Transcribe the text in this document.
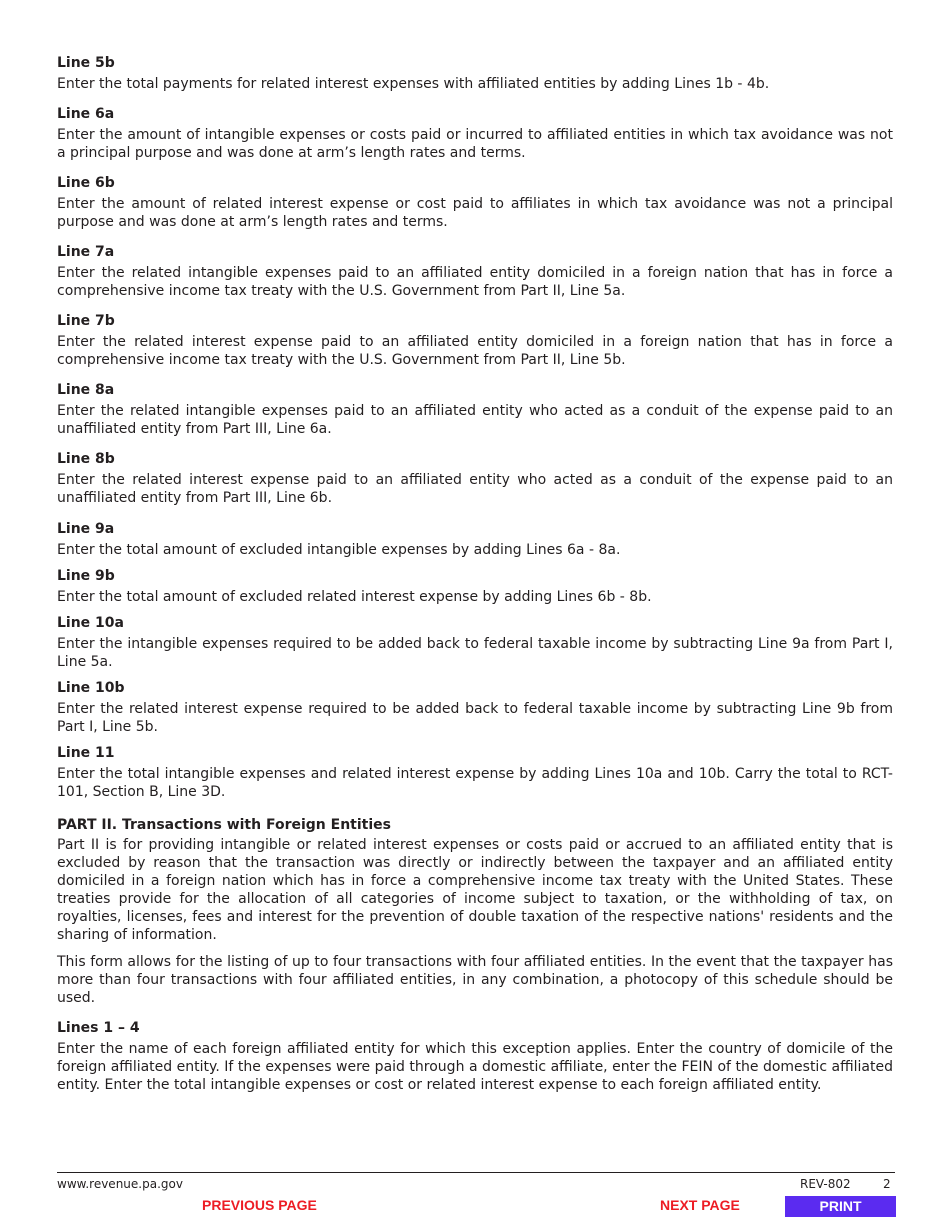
Line 5b

Enter the total payments for related interest expenses with affiliated entities by adding Lines 1b - 4b.

Line 6a

Enter the amount of intangible expenses or costs paid or incurred to affiliated entities in which tax avoidance was not a principal purpose and was done at arm’s length rates and terms.

Line 6b

Enter the amount of related interest expense or cost paid to affiliates in which tax avoidance was not a principal purpose and was done at arm’s length rates and terms.

Line 7a

Enter the related intangible expenses paid to an affiliated entity domiciled in a foreign nation that has in force a comprehensive income tax treaty with the U.S. Government from Part II, Line 5a.

Line 7b

Enter the related interest expense paid to an affiliated entity domiciled in a foreign nation that has in force a comprehensive income tax treaty with the U.S. Government from Part II, Line 5b.

Line 8a

Enter the related intangible expenses paid to an affiliated entity who acted as a conduit of the expense paid to an unaffiliated entity from Part III, Line 6a.

Line 8b

Enter the related interest expense paid to an affiliated entity who acted as a conduit of the expense paid to an unaffiliated entity from Part III, Line 6b.

Line 9a

Enter the total amount of excluded intangible expenses by adding Lines 6a - 8a.

Line 9b

Enter the total amount of excluded related interest expense by adding Lines 6b - 8b.

Line 10a

Enter the intangible expenses required to be added back to federal taxable income by subtracting Line 9a from Part I, Line 5a.

Line 10b

Enter the related interest expense required to be added back to federal taxable income by subtracting Line 9b from Part I, Line 5b.

Line 11

Enter the total intangible expenses and related interest expense by adding Lines 10a and 10b. Carry the total to RCT-101, Section B, Line 3D.

PART II. Transactions with Foreign Entities

Part II is for providing intangible or related interest expenses or costs paid or accrued to an affiliated entity that is excluded by reason that the transaction was directly or indirectly between the taxpayer and an affiliated entity domiciled in a foreign nation which has in force a comprehensive income tax treaty with the United States. These treaties provide for the allocation of all categories of income subject to taxation, or the withholding of tax, on royalties, licenses, fees and interest for the prevention of double taxation of the respective nations' residents and the sharing of information.

This form allows for the listing of up to four transactions with four affiliated entities. In the event that the taxpayer has more than four transactions with four affiliated entities, in any combination, a photocopy of this schedule should be used.

Lines 1 – 4

Enter the name of each foreign affiliated entity for which this exception applies. Enter the country of domicile of the foreign affiliated entity. If the expenses were paid through a domestic affiliate, enter the FEIN of the domestic affiliated entity. Enter the total intangible expenses or cost or related interest expense to each foreign affiliated entity.

www.revenue.pa.gov	REV-802	2
PREVIOUS PAGE	NEXT PAGE	PRINT
